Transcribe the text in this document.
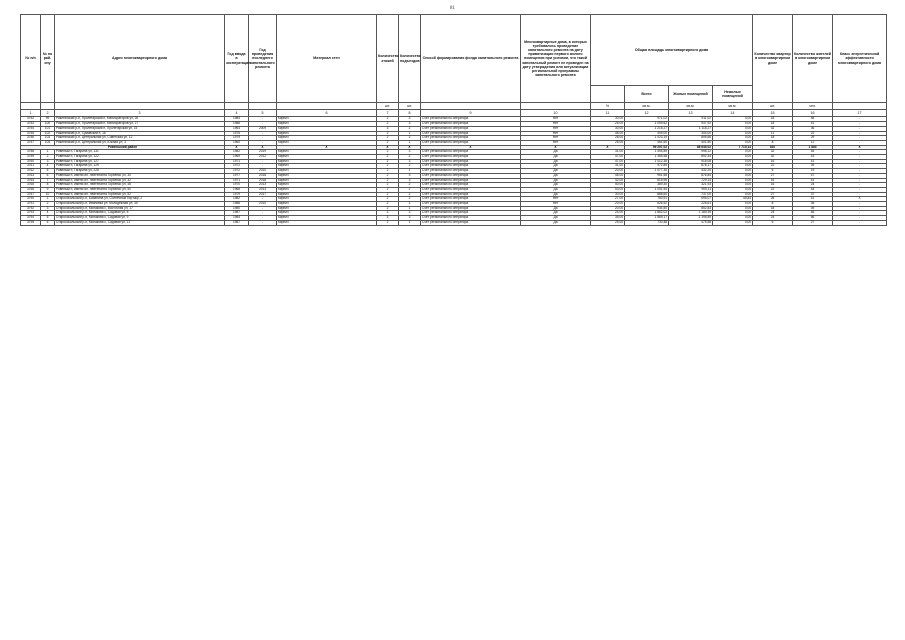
81
№ п/п	№ по рай-ону	Адрес многоквартирного дома	Год ввода в эксплуатацию	Год проведения последнего капитального ремонта	Материал стен	Количество этажей	Количество подъездов	Способ формирования фонда капитального ремонта	Многоквартирные дома, в которых требовалось проведение капитального ремонта на дату приватизации первого жилого помещения при условии, что такой капитальный ремонт не проведен на дату утверждения или актуализации региональной программы капитального ремонта	Общая площадь многоквартирного дома				Количество квартир в многоквартирном доме	Количество жителей в многоквартирном доме	Класс энергетической эффективности многоквартирного дома
											Всего	Жилых помещений	Нежилых помещений			
						шт.	шт.			%	кв.м.	кв.м.	кв.м.	шт.	чел.	
1	2	3	4	5	6	7	8	9	10	11	12	13	14	15	16	17
3752	99	Ракитянский р-н, Пролетарский п, Мелиораторов ул, 26	1984	-	Кирпич	2	3	Счёт регионального оператора	Нет	30,00	971,02	911,02	0,00	18	48	-
3753	100	Ракитянский р-н, Пролетарский п, Мелиораторов ул, 27	1988	-	Кирпич	2	3	Счёт регионального оператора	Нет	25,00	1 059,62	937,92	0,00	18	41	-
3754	101	Ракитянский р-н, Пролетарский п, Пролетарская ул, 15	1964	2009	Кирпич	3	2	Счёт регионального оператора	Нет	30,00	1 215,27	1 118,27	0,00	32	36	-
3755	102	Ракитянский р-н, Сумовский п, 16	1975	-	Кирпич	2	1	Счёт регионального оператора	Нет	45,00	405,00	304,00	0,00	11	22	-
3756	103	Ракитянский р-н, Центральная ул, Советская ул, 12	1979	-	Кирпич	2	2	Счёт регионального оператора	Нет	28,00	1 023,19	895,66	0,00	18	29	-
3757	104	Ракитянский р-н, Центральная ул, Южная ул, 3	1960	-	Кирпич	2	1	Счёт регионального оператора	Нет	25,00	461,50	401,50	0,00	8	11	-
Ровеньский район			X	X	X	X	X	X	X	X	99 297,02	88 645,02	7 719,14	810	1 883	X
3758	1	Ровеньки п, Гагарина ул, 131	1982	2019	Кирпич	2	3	Счёт регионального оператора	Да	31,00	1 494,89	998,12	0,00	32	45	-
3759	2	Ровеньки п, Гагарина ул, 122	1969	2012	Кирпич	2	2	Счёт регионального оператора	Да	47,00	1 365,58	892,34	0,00	32	43	-
3760	3	Ровеньки п, Гагарина ул, 127	1971	-	Кирпич	2	3	Счёт регионального оператора	Да	47,00	1 012,36	918,08	0,00	16	41	-
3761	4	Ровеньки п, Гагарина ул, 129	1972	-	Кирпич	2	2	Счёт регионального оператора	Да	31,00	972,85	878,17	0,00	22	39	-
3762	5	Ровеньки п, Гагарина ул, 228	1972	2010	Кирпич	2	1	Счёт регионального оператора	Да	20,00	1 077,30	432,20	0,00	6	19	-
3763	6	Ровеньки п, имени ил. лейтенанта Горбенко ул, 30	1977	2018	Кирпич	2	3	Счёт регионального оператора	Да	45,00	961,58	876,84	0,00	27	47	-
3764	7	Ровеньки п, имени ил. лейтенанта Горбенко ул, 32	1971	2018	Кирпич	2	3	Счёт регионального оператора	Да	42,00	815,96	729,14	0,00	16	41	-
3765	8	Ровеньки п, имени ил. лейтенанта Горбенко ул, 48	1970	2013	Кирпич	2	2	Счёт регионального оператора	Да	50,00	389,30	321,93	0,00	16	24	-
3766	9	Ровеньки п, имени ил. лейтенанта Горбенко ул, 50	1968	2013	Кирпич	2	2	Счёт регионального оператора	Да	53,00	1 051,54	905,11	0,00	22	44	-
3767	10	Ровеньки п, имени ил. лейтенанта Горбенко ул, 52	1979	2017	Кирпич	2	2	Счёт регионального оператора	Да	30,00	888,60	737,00	0,00	27	37	-
3790	1	Старооскольский р-н, Бабанина ул, Солнечный бор мкр, 2	1982	-	Кирпич	2	2	Счёт регионального оператора	Нет	27,00	760,91	695,07	45,84	28	41	X
3791	2	Старооскольский р-н, Ивановка ул, Молодёжная ул, 35	1988	2010	Кирпич	2	1	Счёт регионального оператора	Нет	20,00	626,92	225,61	0,00	8	35	-
3792	3	Старооскольский р-н, Монакова с, Восточная ул, 17	1980	-	Кирпич	2	1	Счёт регионального оператора	Да	20,00	934,50	852,83	0,00	18	39	-
3793	4	Старооскольский р-н, Монакова с, Садовая ул, 8	1987	-	Кирпич	3	3	Счёт регионального оператора	Да	24,00	1 862,02	1 189,39	0,00	24	46	-
3794	5	Старооскольский р-н, Монакова с, Садовая ул, 9	1984	-	Кирпич	3	3	Счёт регионального оператора	Да	35,00	1 869,17	1 195,89	0,00	24	56	-
3795	6	Старооскольский р-н, Монакова с, Садовая ул, 11	1987	-	Кирпич	2	1	Счёт регионального оператора	Да	25,00	730,48	475,58	0,00	6	27	-
